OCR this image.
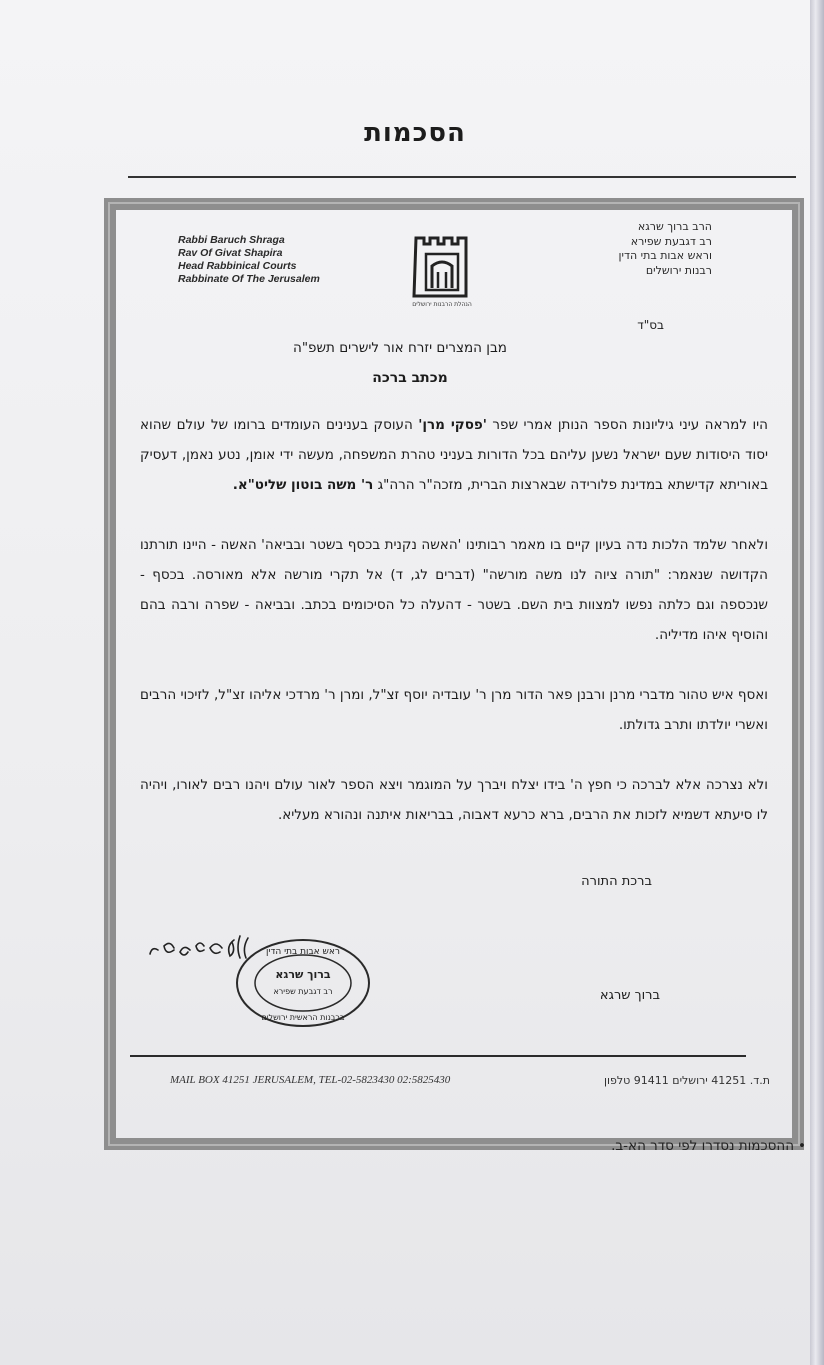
הסכמות
Rabbi Baruch Shraga
Rav Of Givat Shapira
Head Rabbinical Courts
Rabbinate Of The Jerusalem
הנהלת הרבנות ירושלים
הרב ברוך שרגא
רב דגבעת שפירא
וראש אבות בתי הדין
רבנות ירושלים
בס"ד
מבן המצרים יזרח אור לישרים תשפ"ה
מכתב ברכה

היו למראה עיני גיליונות הספר הנותן אמרי שפר 'פסקי מרן' העוסק בענינים העומדים ברומו של עולם שהוא יסוד היסודות שעם ישראל נשען עליהם בכל הדורות בעניני טהרת המשפחה, מעשה ידי אומן, נטע נאמן, דעסיק באוריתא קדישתא במדינת פלורידה שבארצות הברית, מזכה"ר הרה"ג ר' משה בוטון שליט"א.

ולאחר שלמד הלכות נדה בעיון קיים בו מאמר רבותינו 'האשה נקנית בכסף בשטר ובביאה' האשה - היינו תורתנו הקדושה שנאמר: "תורה ציוה לנו משה מורשה" (דברים לג, ד) אל תקרי מורשה אלא מאורסה. בכסף - שנכספה וגם כלתה נפשו למצוות בית השם. בשטר - דהעלה כל הסיכומים בכתב. ובביאה - שפרה ורבה בהם והוסיף איהו מדיליה.

ואסף איש טהור מדברי מרנן ורבנן פאר הדור מרן ר' עובדיה יוסף זצ"ל, ומרן ר' מרדכי אליהו זצ"ל, לזיכוי הרבים ואשרי יולדתו ותרב גדולתו.

ולא נצרכה אלא לברכה כי חפץ ה' בידו יצלח ויברך על המוגמר ויצא הספר לאור עולם ויהנו רבים לאורו, ויהיה לו סיעתא דשמיא לזכות את הרבים, ברא כרעא דאבוה, בבריאות איתנה ונהורא מעליא.

ברכת התורה
ראש אבות בתי הדין
ברוך שרגא
רב דגבעת שפירא
ברבנות הראשית ירושלים
ברוך שרגא
MAIL BOX 41251 JERUSALEM, TEL-02-5823430 02:5825430	ת.ד. 41251 ירושלים 91411 טלפון
•ההסכמות נסדרו לפי סדר הא-ב.
